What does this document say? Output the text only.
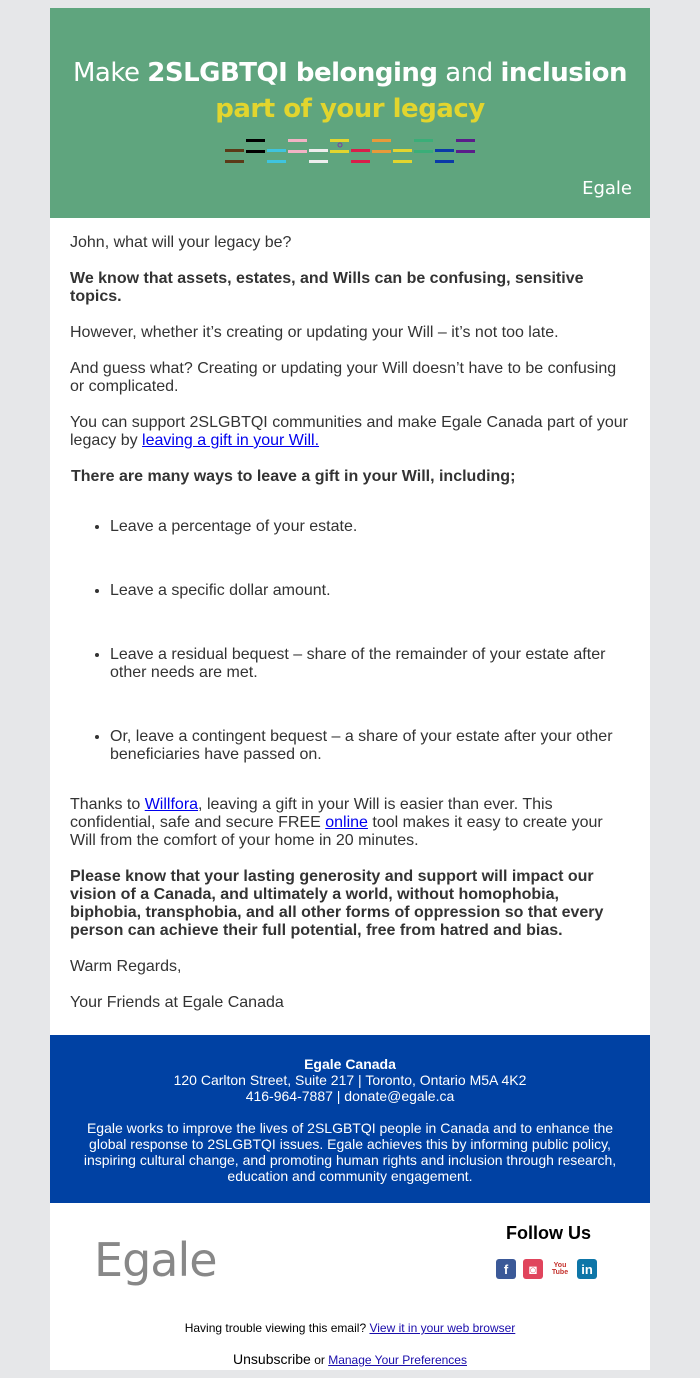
Make 2SLGBTQI belonging and inclusion
part of your legacy
Egale

John, what will your legacy be?

We know that assets, estates, and Wills can be confusing, sensitive topics.

However, whether it’s creating or updating your Will – it’s not too late.

And guess what? Creating or updating your Will doesn’t have to be confusing or complicated.

You can support 2SLGBTQI communities and make Egale Canada part of your legacy by leaving a gift in your Will.

There are many ways to leave a gift in your Will, including;

• Leave a percentage of your estate.
• Leave a specific dollar amount.
• Leave a residual bequest – share of the remainder of your estate after other needs are met.
• Or, leave a contingent bequest – a share of your estate after your other beneficiaries have passed on.

Thanks to Willfora, leaving a gift in your Will is easier than ever. This confidential, safe and secure FREE online tool makes it easy to create your Will from the comfort of your home in 20 minutes.

Please know that your lasting generosity and support will impact our vision of a Canada, and ultimately a world, without homophobia, biphobia, transphobia, and all other forms of oppression so that every person can achieve their full potential, free from hatred and bias.

Warm Regards,

Your Friends at Egale Canada

Egale Canada
120 Carlton Street, Suite 217 | Toronto, Ontario M5A 4K2
416-964-7887 | donate@egale.ca
Egale works to improve the lives of 2SLGBTQI people in Canada and to enhance the global response to 2SLGBTQI issues. Egale achieves this by informing public policy, inspiring cultural change, and promoting human rights and inclusion through research, education and community engagement.
Egale	Follow Us
f	◙	You Tube	in
Having trouble viewing this email? View it in your web browser
Unsubscribe or Manage Your Preferences
